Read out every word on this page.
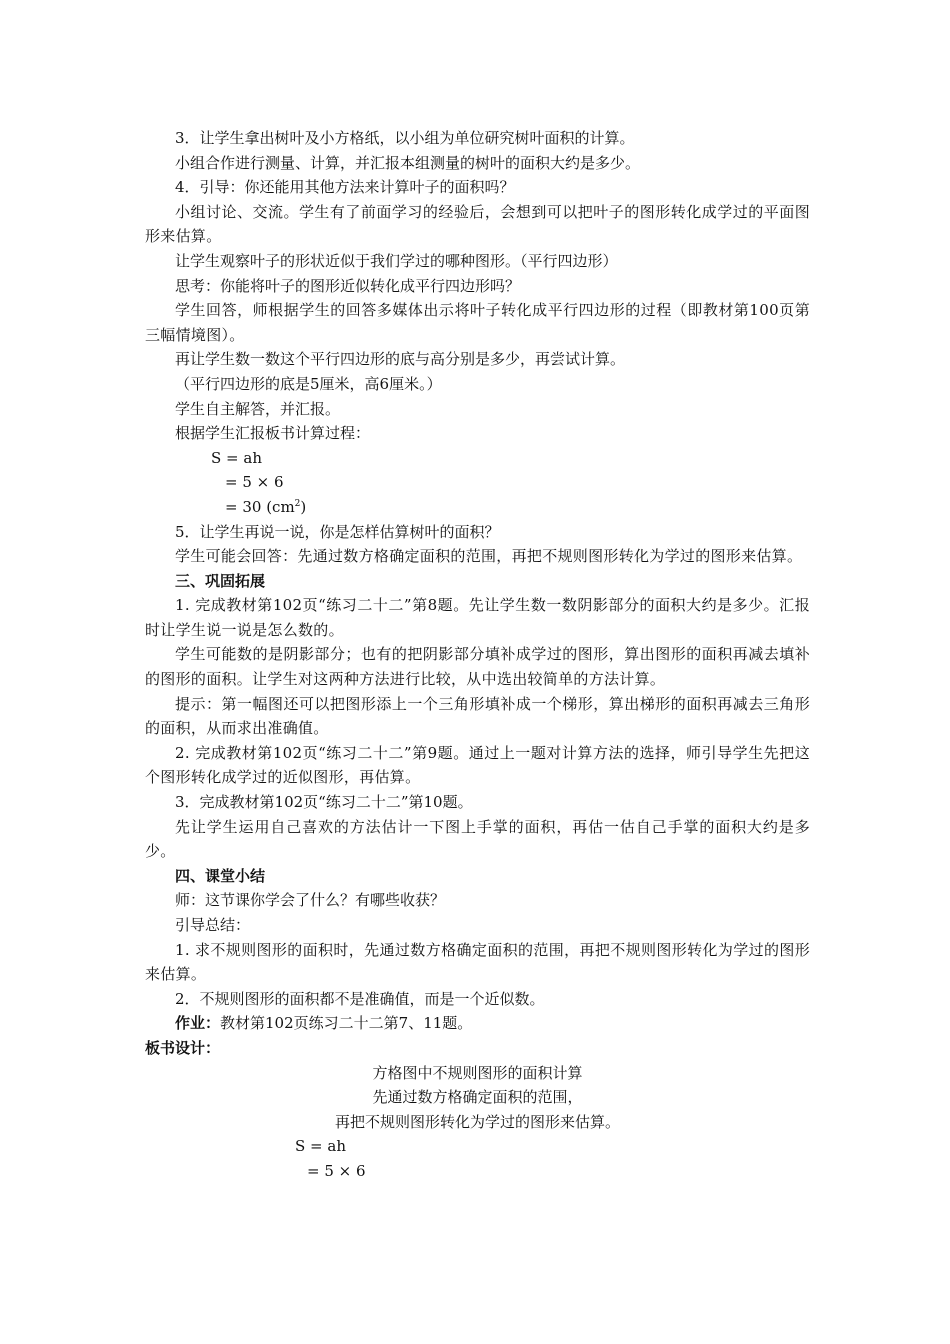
3．让学生拿出树叶及小方格纸，以小组为单位研究树叶面积的计算。

小组合作进行测量、计算，并汇报本组测量的树叶的面积大约是多少。

4．引导：你还能用其他方法来计算叶子的面积吗？

小组讨论、交流。学生有了前面学习的经验后，会想到可以把叶子的图形转化成学过的平面图形来估算。

让学生观察叶子的形状近似于我们学过的哪种图形。（平行四边形）

思考：你能将叶子的图形近似转化成平行四边形吗？

学生回答，师根据学生的回答多媒体出示将叶子转化成平行四边形的过程（即教材第100页第三幅情境图）。

再让学生数一数这个平行四边形的底与高分别是多少，再尝试计算。

（平行四边形的底是5厘米，高6厘米。）

学生自主解答，并汇报。

根据学生汇报板书计算过程：

S = ah

= 5 × 6

= 30 $(cm^2)$

5．让学生再说一说，你是怎样估算树叶的面积？

学生可能会回答：先通过数方格确定面积的范围，再把不规则图形转化为学过的图形来估算。

三、巩固拓展

1. 完成教材第102页“练习二十二”第8题。先让学生数一数阴影部分的面积大约是多少。汇报时让学生说一说是怎么数的。

学生可能数的是阴影部分；也有的把阴影部分填补成学过的图形，算出图形的面积再减去填补的图形的面积。让学生对这两种方法进行比较，从中选出较简单的方法计算。

提示：第一幅图还可以把图形添上一个三角形填补成一个梯形，算出梯形的面积再减去三角形的面积，从而求出准确值。

2. 完成教材第102页“练习二十二”第9题。通过上一题对计算方法的选择，师引导学生先把这个图形转化成学过的近似图形，再估算。

3．完成教材第102页“练习二十二”第10题。

先让学生运用自己喜欢的方法估计一下图上手掌的面积，再估一估自己手掌的面积大约是多少。

四、课堂小结

师：这节课你学会了什么？有哪些收获？

引导总结：

1. 求不规则图形的面积时，先通过数方格确定面积的范围，再把不规则图形转化为学过的图形来估算。

2．不规则图形的面积都不是准确值，而是一个近似数。

作业：教材第102页练习二十二第7、11题。

板书设计：

方格图中不规则图形的面积计算

先通过数方格确定面积的范围，

再把不规则图形转化为学过的图形来估算。

S = ah

= 5 × 6
